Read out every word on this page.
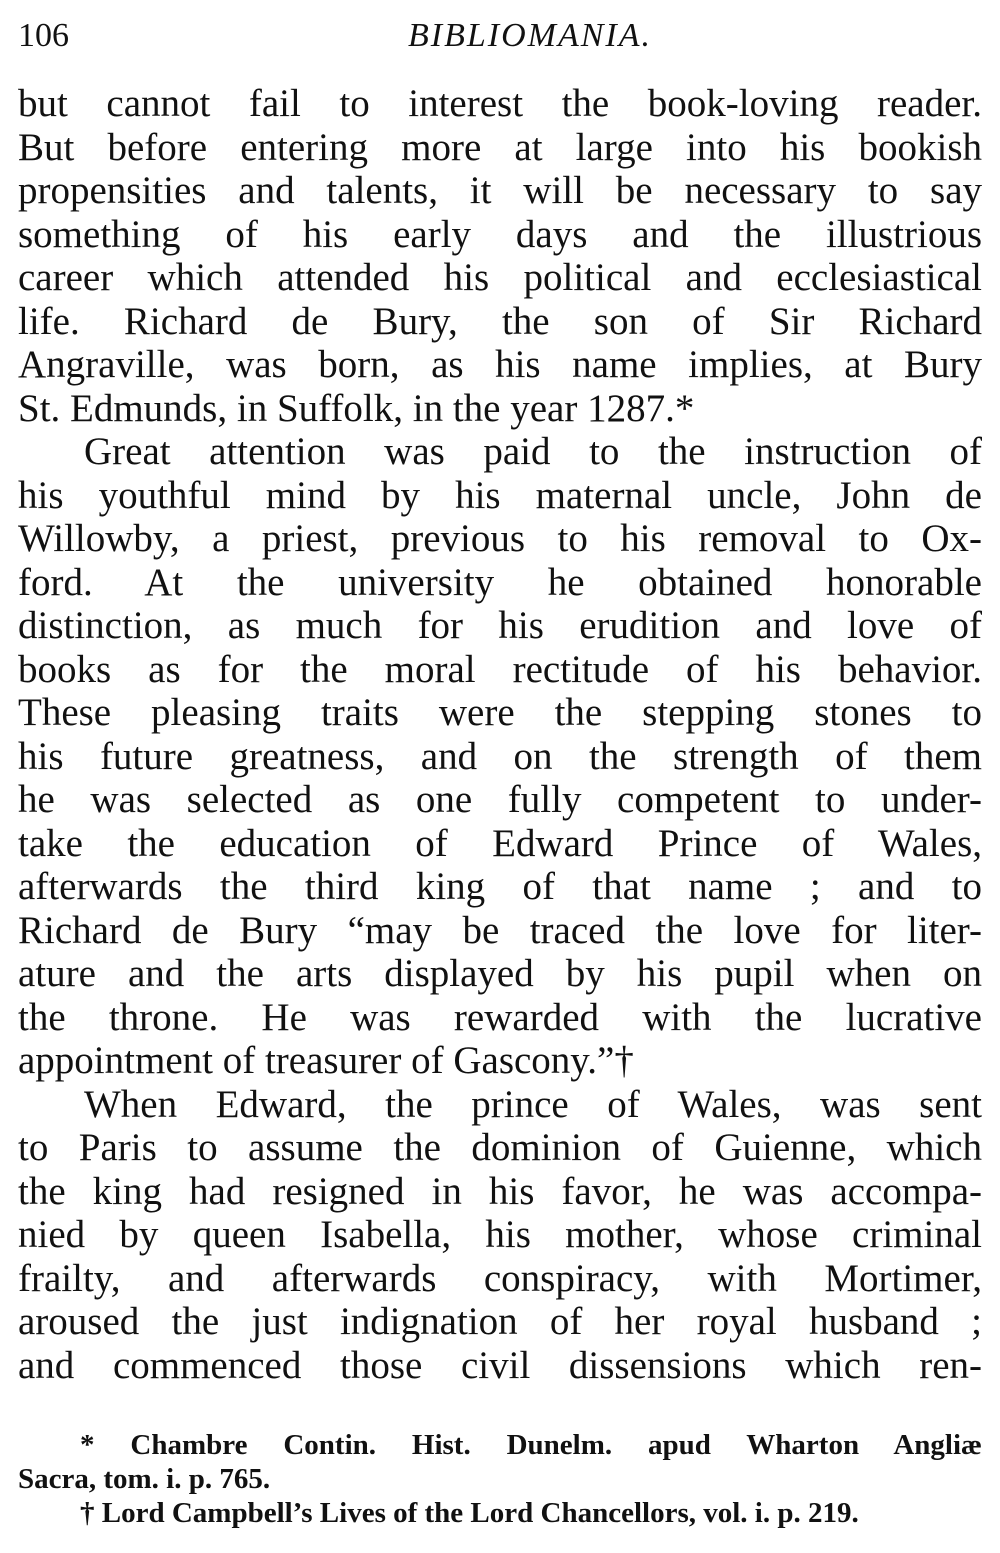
106	BIBLIOMANIA.
but cannot fail to interest the book-loving reader.
But before entering more at large into his bookish
propensities and talents, it will be necessary to say
something of his early days and the illustrious
career which attended his political and ecclesiastical
life. Richard de Bury, the son of Sir Richard
Angraville, was born, as his name implies, at Bury
St. Edmunds, in Suffolk, in the year 1287.*
Great attention was paid to the instruction of
his youthful mind by his maternal uncle, John de
Willowby, a priest, previous to his removal to Ox-
ford. At the university he obtained honorable
distinction, as much for his erudition and love of
books as for the moral rectitude of his behavior.
These pleasing traits were the stepping stones to
his future greatness, and on the strength of them
he was selected as one fully competent to under-
take the education of Edward Prince of Wales,
afterwards the third king of that name ; and to
Richard de Bury “may be traced the love for liter-
ature and the arts displayed by his pupil when on
the throne. He was rewarded with the lucrative
appointment of treasurer of Gascony.”†
When Edward, the prince of Wales, was sent
to Paris to assume the dominion of Guienne, which
the king had resigned in his favor, he was accompa-
nied by queen Isabella, his mother, whose criminal
frailty, and afterwards conspiracy, with Mortimer,
aroused the just indignation of her royal husband ;
and commenced those civil dissensions which ren-
* Chambre Contin. Hist. Dunelm. apud Wharton Angliæ
Sacra, tom. i. p. 765.
† Lord Campbell’s Lives of the Lord Chancellors, vol. i. p. 219.
